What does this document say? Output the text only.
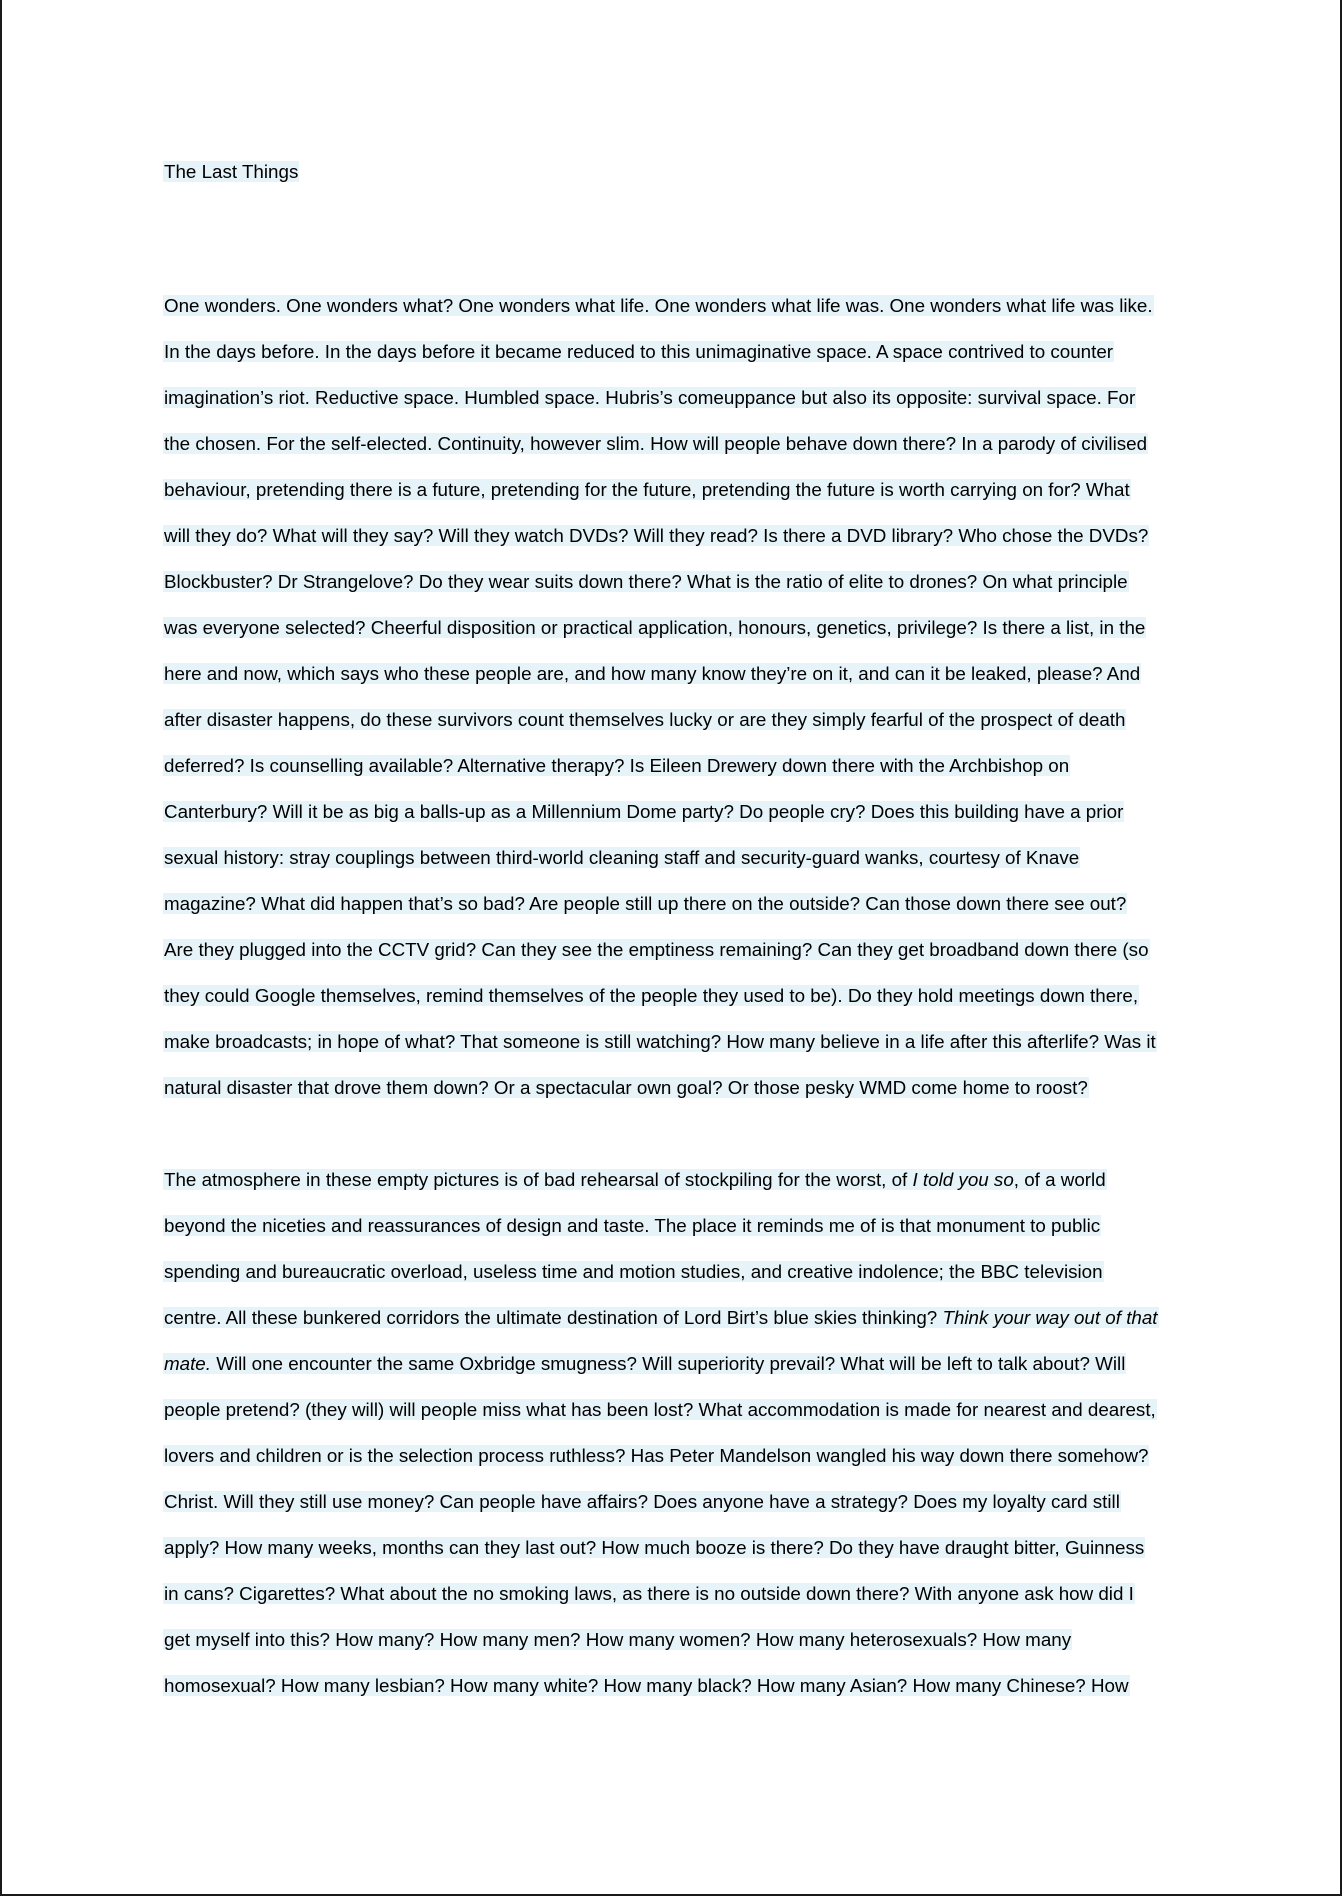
The Last Things
One wonders. One wonders what? One wonders what life. One wonders what life was. One wonders what life was like.
In the days before. In the days before it became reduced to this unimaginative space. A space contrived to counter
imagination’s riot. Reductive space. Humbled space. Hubris’s comeuppance but also its opposite: survival space. For
the chosen. For the self-elected. Continuity, however slim. How will people behave down there? In a parody of civilised
behaviour, pretending there is a future, pretending for the future, pretending the future is worth carrying on for? What
will they do? What will they say? Will they watch DVDs? Will they read? Is there a DVD library? Who chose the DVDs?
Blockbuster? Dr Strangelove? Do they wear suits down there? What is the ratio of elite to drones? On what principle
was everyone selected? Cheerful disposition or practical application, honours, genetics, privilege? Is there a list, in the
here and now, which says who these people are, and how many know they’re on it, and can it be leaked, please? And
after disaster happens, do these survivors count themselves lucky or are they simply fearful of the prospect of death
deferred? Is counselling available? Alternative therapy? Is Eileen Drewery down there with the Archbishop on
Canterbury? Will it be as big a balls-up as a Millennium Dome party? Do people cry? Does this building have a prior
sexual history: stray couplings between third-world cleaning staff and security-guard wanks, courtesy of Knave
magazine? What did happen that’s so bad? Are people still up there on the outside? Can those down there see out?
Are they plugged into the CCTV grid? Can they see the emptiness remaining? Can they get broadband down there (so
they could Google themselves, remind themselves of the people they used to be). Do they hold meetings down there,
make broadcasts; in hope of what? That someone is still watching? How many believe in a life after this afterlife? Was it
natural disaster that drove them down? Or a spectacular own goal? Or those pesky WMD come home to roost?
The atmosphere in these empty pictures is of bad rehearsal of stockpiling for the worst, of I told you so, of a world
beyond the niceties and reassurances of design and taste. The place it reminds me of is that monument to public
spending and bureaucratic overload, useless time and motion studies, and creative indolence; the BBC television
centre. All these bunkered corridors the ultimate destination of Lord Birt’s blue skies thinking? Think your way out of that
mate. Will one encounter the same Oxbridge smugness? Will superiority prevail? What will be left to talk about? Will
people pretend? (they will) will people miss what has been lost? What accommodation is made for nearest and dearest,
lovers and children or is the selection process ruthless? Has Peter Mandelson wangled his way down there somehow?
Christ. Will they still use money? Can people have affairs? Does anyone have a strategy? Does my loyalty card still
apply? How many weeks, months can they last out? How much booze is there? Do they have draught bitter, Guinness
in cans? Cigarettes? What about the no smoking laws, as there is no outside down there? With anyone ask how did I
get myself into this? How many? How many men? How many women? How many heterosexuals? How many
homosexual? How many lesbian? How many white? How many black? How many Asian? How many Chinese? How
